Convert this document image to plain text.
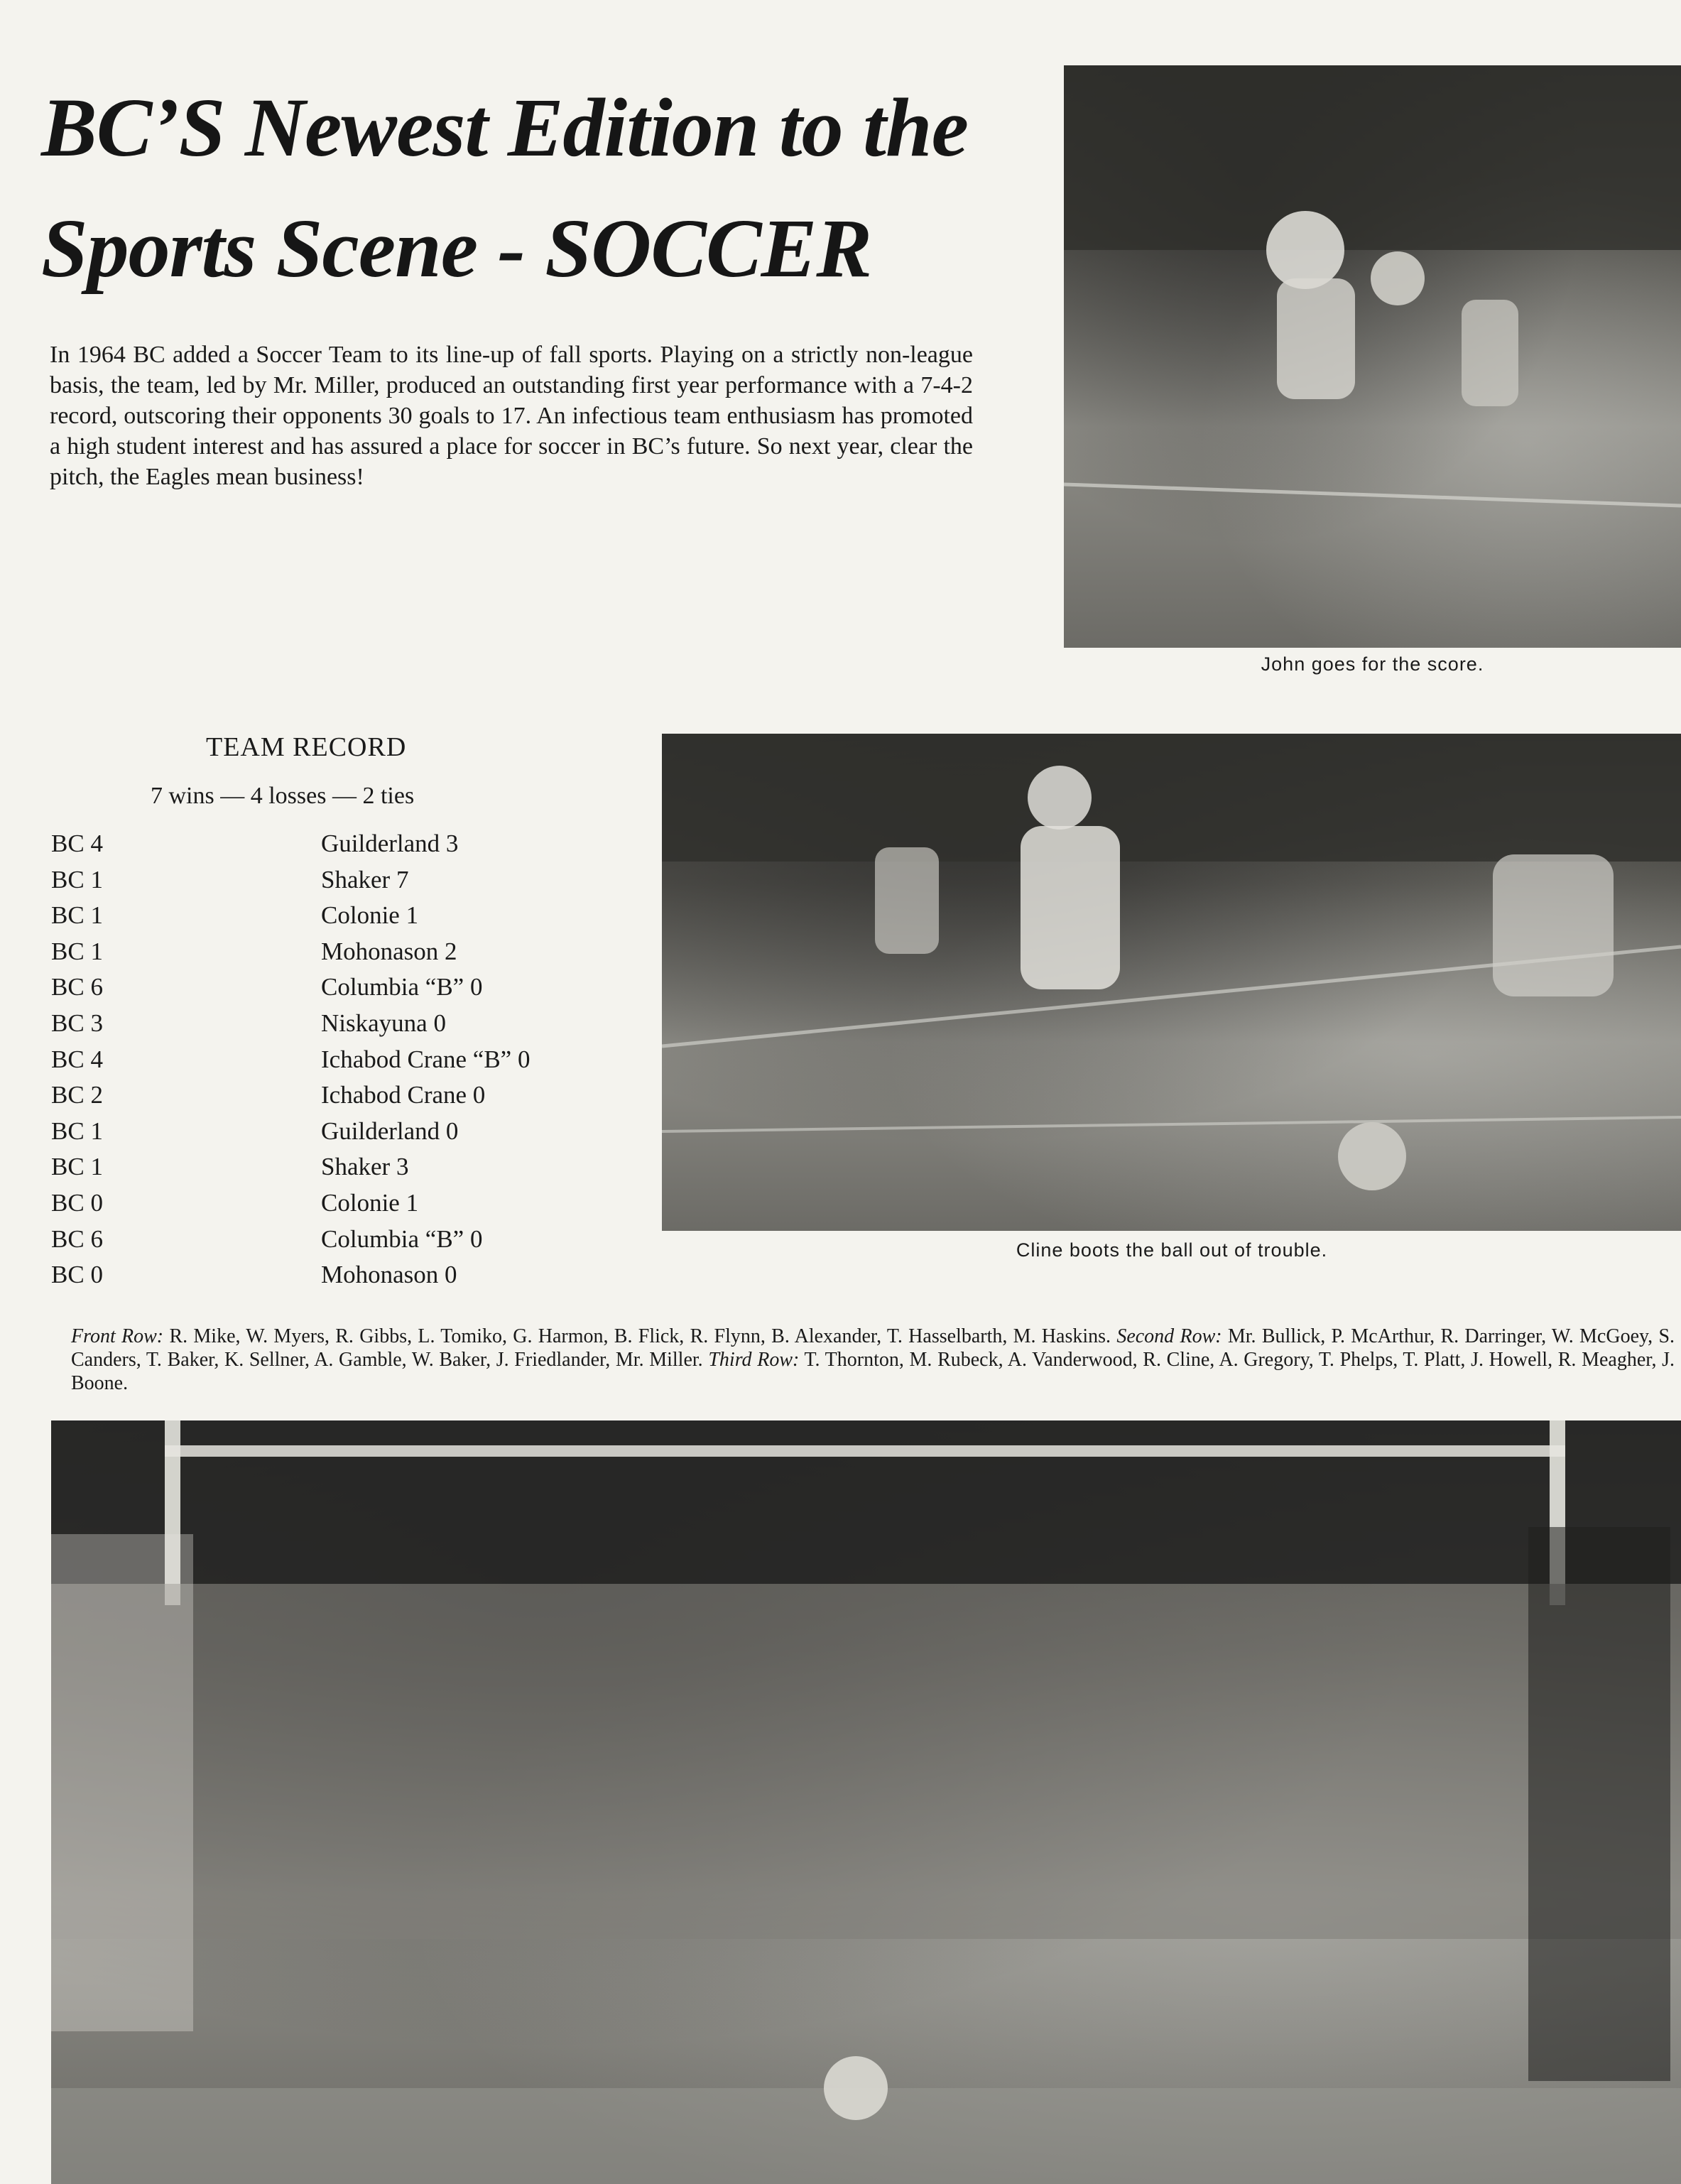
BC’S Newest Edition to the
Sports Scene - SOCCER

In 1964 BC added a Soccer Team to its line-up of fall sports. Playing on a strictly non-league basis, the team, led by Mr. Miller, produced an outstanding first year performance with a 7-4-2 record, outscoring their opponents 30 goals to 17. An infectious team enthusiasm has promoted a high student interest and has assured a place for soccer in BC’s future. So next year, clear the pitch, the Eagles mean business!

John goes for the score.
TEAM RECORD
7 wins — 4 losses — 2 ties
BC 4	Guilderland 3
BC 1	Shaker 7
BC 1	Colonie 1
BC 1	Mohonason 2
BC 6	Columbia “B” 0
BC 3	Niskayuna 0
BC 4	Ichabod Crane “B” 0
BC 2	Ichabod Crane 0
BC 1	Guilderland 0
BC 1	Shaker 3
BC 0	Colonie 1
BC 6	Columbia “B” 0
BC 0	Mohonason 0
Cline boots the ball out of trouble.
Front Row: R. Mike, W. Myers, R. Gibbs, L. Tomiko, G. Harmon, B. Flick, R. Flynn, B. Alexander, T. Hasselbarth, M. Haskins. Second Row: Mr. Bullick, P. McArthur, R. Darringer, W. McGoey, S. Canders, T. Baker, K. Sellner, A. Gamble, W. Baker, J. Friedlander, Mr. Miller. Third Row: T. Thornton, M. Rubeck, A. Vanderwood, R. Cline, A. Gregory, T. Phelps, T. Platt, J. Howell, R. Meagher, J. Boone.
